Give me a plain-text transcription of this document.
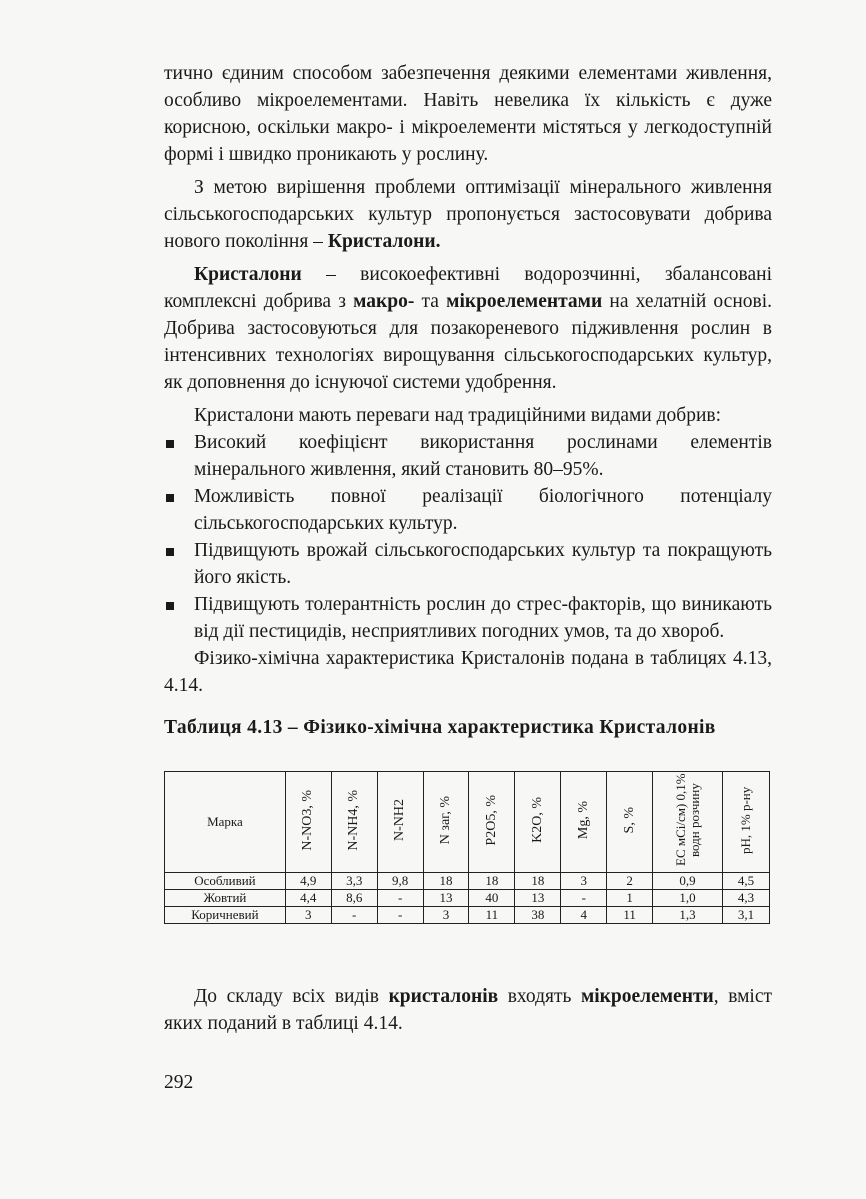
тично єдиним способом забезпечення деякими елементами живлення, особливо мікроелементами. Навіть невелика їх кількість є дуже корисною, оскільки макро- і мікроелементи містяться у легкодоступній формі і швидко проникають у рослину.

З метою вирішення проблеми оптимізації мінерального живлення сільськогосподарських культур пропонується застосовувати добрива нового покоління – Кристалони.

Кристалони – високоефективні водорозчинні, збалансовані комплексні добрива з макро- та мікроелементами на хелатній основі. Добрива застосовуються для позакореневого підживлення рослин в інтенсивних технологіях вирощування сільськогосподарських культур, як доповнення до існуючої системи удобрення.

Кристалони мають переваги над традиційними видами добрив:

Високий коефіцієнт використання рослинами елементів мінерального живлення, який становить 80–95%.
Можливість повної реалізації біологічного потенціалу сільськогосподарських культур.
Підвищують врожай сільськогосподарських культур та покращують його якість.
Підвищують толерантність рослин до стрес-факторів, що виникають від дії пестицидів, несприятливих погодних умов, та до хвороб.

Фізико-хімічна характеристика Кристалонів подана в таблицях 4.13, 4.14.

Таблиця 4.13 – Фізико-хімічна характеристика Кристалонів
Марка	N-NO3, %	N-NH4, %	N-NH2	N заг, %	P2O5, %	K2O, %	Mg, %	S, %	EC мСі/см) 0,1% водн розчину	pH, 1% р-ну
Особливий	4,9	3,3	9,8	18	18	18	3	2	0,9	4,5
Жовтий	4,4	8,6	-	13	40	13	-	1	1,0	4,3
Коричневий	3	-	-	3	11	38	4	11	1,3	3,1

До складу всіх видів кристалонів входять мікроелементи, вміст яких поданий в таблиці 4.14.

292
